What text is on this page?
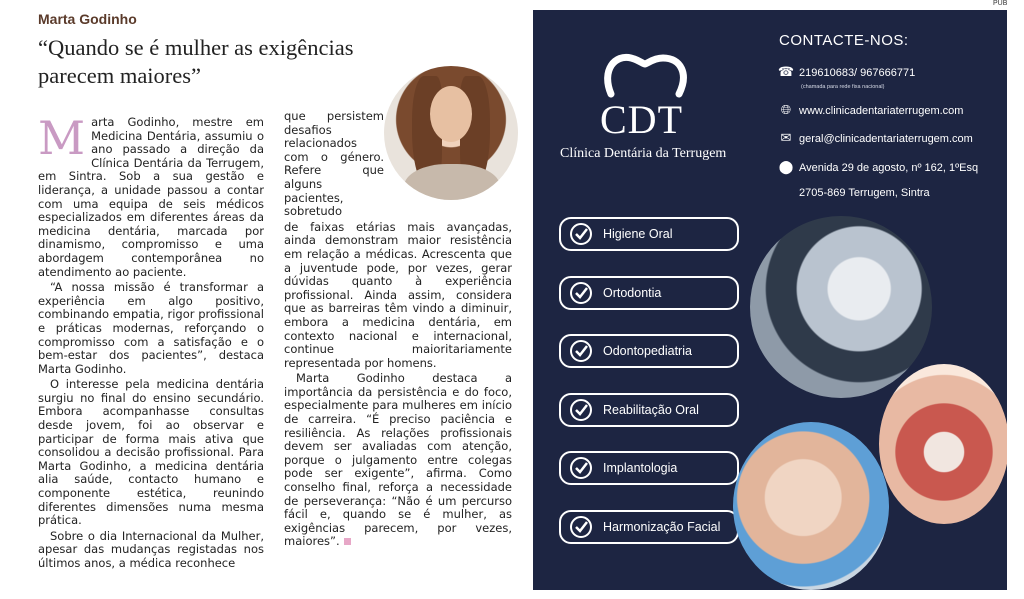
Marta Godinho
“Quando se é mulher as exigências parecem maiores”

Marta Godinho, mestre em Medicina Dentária, assumiu o ano passado a direção da Clínica Dentária da Terrugem, em Sintra. Sob a sua gestão e liderança, a unidade passou a contar com uma equipa de seis médicos especializados em diferentes áreas da medicina dentária, marcada por dinamismo, compromisso e uma abordagem contemporânea no atendimento ao paciente.

“A nossa missão é transformar a experiência em algo positivo, combinando empatia, rigor profissional e práticas modernas, reforçando o compromisso com a satisfação e o bem-estar dos pacientes”, destaca Marta Godinho.

O interesse pela medicina dentária surgiu no final do ensino secundário. Embora acompanhasse consultas desde jovem, foi ao observar e participar de forma mais ativa que consolidou a decisão profissional. Para Marta Godinho, a medicina dentária alia saúde, contacto humano e componente estética, reunindo diferentes dimensões numa mesma prática.

Sobre o dia Internacional da Mulher, apesar das mudanças registadas nos últimos anos, a médica reconhece

que persistem desafios relacionados com o género. Refere que alguns pacientes, sobretudo

de faixas etárias mais avançadas, ainda demonstram maior resistência em relação a médicas. Acrescenta que a juventude pode, por vezes, gerar dúvidas quanto à experiência profissional. Ainda assim, considera que as barreiras têm vindo a diminuir, embora a medicina dentária, em contexto nacional e internacional, continue maioritariamente representada por homens.

Marta Godinho destaca a importância da persistência e do foco, especialmente para mulheres em início de carreira. “É preciso paciência e resiliência. As relações profissionais devem ser avaliadas com atenção, porque o julgamento entre colegas pode ser exigente”, afirma. Como conselho final, reforça a necessidade de perseverança: “Não é um percurso fácil e, quando se é mulher, as exigências parecem, por vezes, maiores”.

PUB
CDT
Clínica Dentária da Terrugem
CONTACTE-NOS:
☎ 219610683/ 967666771
(chamada para rede fixa nacional)
🌐︎ www.clinicadentariaterrugem.com
✉ geral@clinicadentariaterrugem.com
⬤ Avenida 29 de agosto, nº 162, 1ºEsq
2705-869 Terrugem, Sintra
Higiene Oral
Ortodontia
Odontopediatria
Reabilitação Oral
Implantologia
Harmonização Facial
